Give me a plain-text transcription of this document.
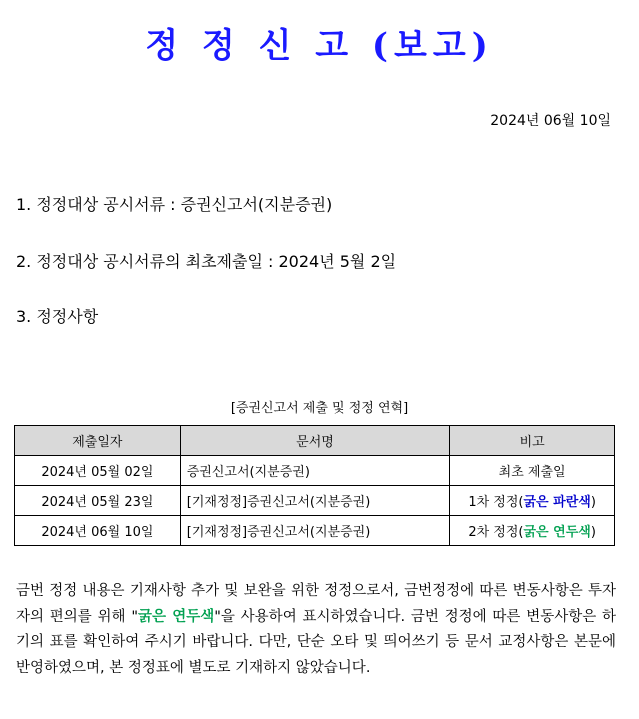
정 정 신 고 (보고)
2024년 06월 10일
1. 정정대상 공시서류 : 증권신고서(지분증권)
2. 정정대상 공시서류의 최초제출일 : 2024년 5월 2일
3. 정정사항
[증권신고서 제출 및 정정 연혁]
제출일자	문서명	비고
2024년 05월 02일	증권신고서(지분증권)	최초 제출일
2024년 05월 23일	[기재정정]증권신고서(지분증권)	1차 정정(굵은 파란색)
2024년 06월 10일	[기재정정]증권신고서(지분증권)	2차 정정(굵은 연두색)
금번 정정 내용은 기재사항 추가 및 보완을 위한 정정으로서, 금번정정에 따른 변동사항은 투자자의 편의를 위해 "굵은 연두색"을 사용하여 표시하였습니다. 금번 정정에 따른 변동사항은 하기의 표를 확인하여 주시기 바랍니다. 다만, 단순 오타 및 띄어쓰기 등 문서 교정사항은 본문에 반영하였으며, 본 정정표에 별도로 기재하지 않았습니다.
